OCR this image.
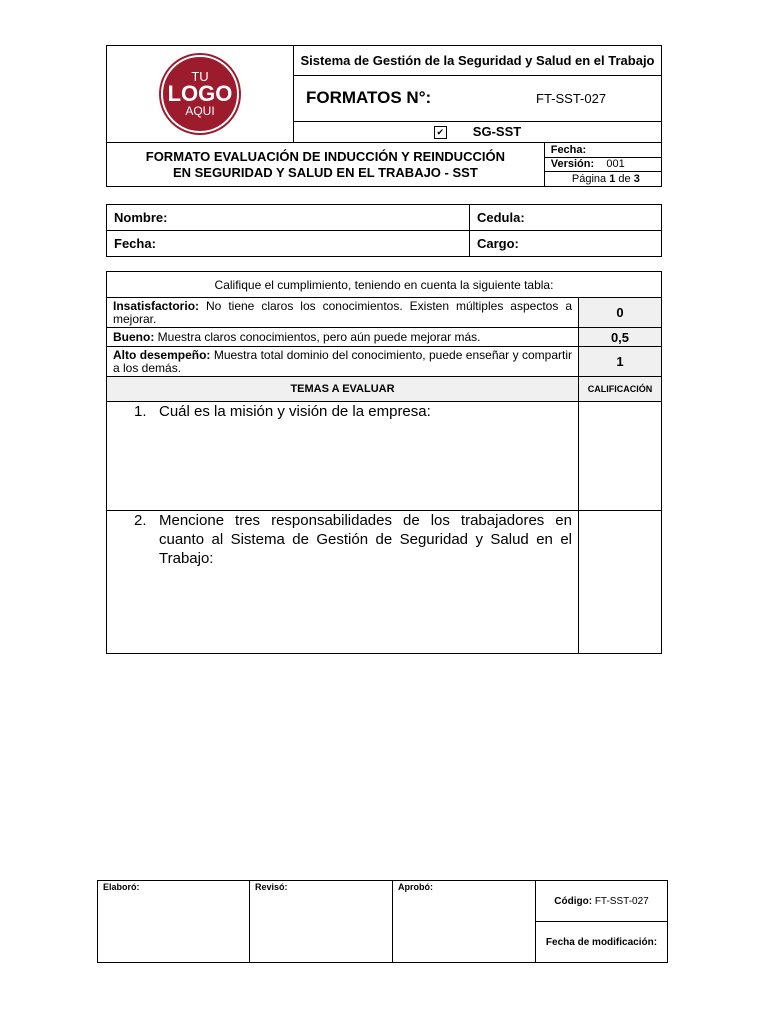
TU
LOGO
AQUI	Sistema de Gestión de la Seguridad y Salud en el Trabajo	
	FORMATOS N°: FT-SST-027	
	✔ SG-SST	

FORMATO EVALUACIÓN DE INDUCCIÓN Y REINDUCCIÓN
EN SEGURIDAD Y SALUD EN EL TRABAJO - SST		Fecha:
		Versión: 001
		Página 1 de 3
Nombre:	Cedula:
Fecha:	Cargo:
Califique el cumplimiento, teniendo en cuenta la siguiente tabla:	
Insatisfactorio: No tiene claros los conocimientos. Existen múltiples aspectos a mejorar.	0
Bueno: Muestra claros conocimientos, pero aún puede mejorar más.	0,5
Alto desempeño: Muestra total dominio del conocimiento, puede enseñar y compartir a los demás.	1
TEMAS A EVALUAR	CALIFICACIÓN

1. Cuál es la misión y visión de la empresa:	

2. Mencione tres responsabilidades de los trabajadores en cuanto al Sistema de Gestión de Seguridad y Salud en el Trabajo:	

Elaboró:	Revisó:	Aprobó:	Código: FT-SST-027
Fecha de modificación:
